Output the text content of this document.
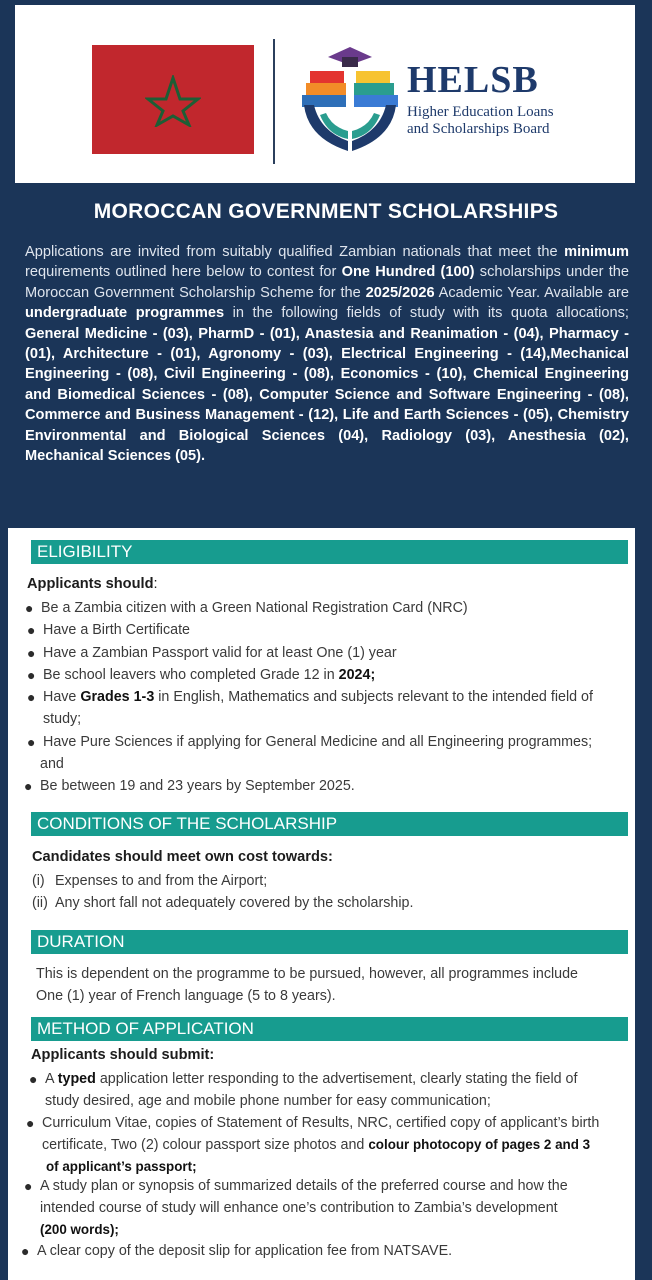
HELSB
Higher Education Loans
and Scholarships Board
MOROCCAN GOVERNMENT SCHOLARSHIPS
Applications are invited from suitably qualified Zambian nationals that meet the minimum requirements outlined here below to contest for One Hundred (100) scholarships under the Moroccan Government Scholarship Scheme for the 2025/2026 Academic Year. Available are undergraduate programmes in the following fields of study with its quota allocations; General Medicine - (03), PharmD - (01), Anastesia and Reanimation - (04), Pharmacy - (01), Architecture - (01), Agronomy - (03), Electrical Engineering - (14),Mechanical Engineering - (08), Civil Engineering - (08), Economics - (10), Chemical Engineering and Biomedical Sciences - (08), Computer Science and Software Engineering - (08), Commerce and Business Management - (12), Life and Earth Sciences - (05), Chemistry Environmental and Biological Sciences (04), Radiology (03), Anesthesia (02), Mechanical Sciences (05).
ELIGIBILITY
Applicants should:
● Be a Zambia citizen with a Green National Registration Card (NRC)
● Have a Birth Certificate
● Have a Zambian Passport valid for at least One (1) year
● Be school leavers who completed Grade 12 in 2024;
● Have Grades 1-3 in English, Mathematics and subjects relevant to the intended field of
study;
● Have Pure Sciences if applying for General Medicine and all Engineering programmes;
and
● Be between 19 and 23 years by September 2025.
CONDITIONS OF THE SCHOLARSHIP
Candidates should meet own cost towards:
(i) Expenses to and from the Airport;
(ii) Any short fall not adequately covered by the scholarship.
DURATION
This is dependent on the programme to be pursued, however, all programmes include
One (1) year of French language (5 to 8 years).
METHOD OF APPLICATION
Applicants should submit:
● A typed application letter responding to the advertisement, clearly stating the field of
study desired, age and mobile phone number for easy communication;
● Curriculum Vitae, copies of Statement of Results, NRC, certified copy of applicant’s birth
certificate, Two (2) colour passport size photos and colour photocopy of pages 2 and 3
of applicant’s passport;
● A study plan or synopsis of summarized details of the preferred course and how the
intended course of study will enhance one’s contribution to Zambia’s development
(200 words);
● A clear copy of the deposit slip for application fee from NATSAVE.
